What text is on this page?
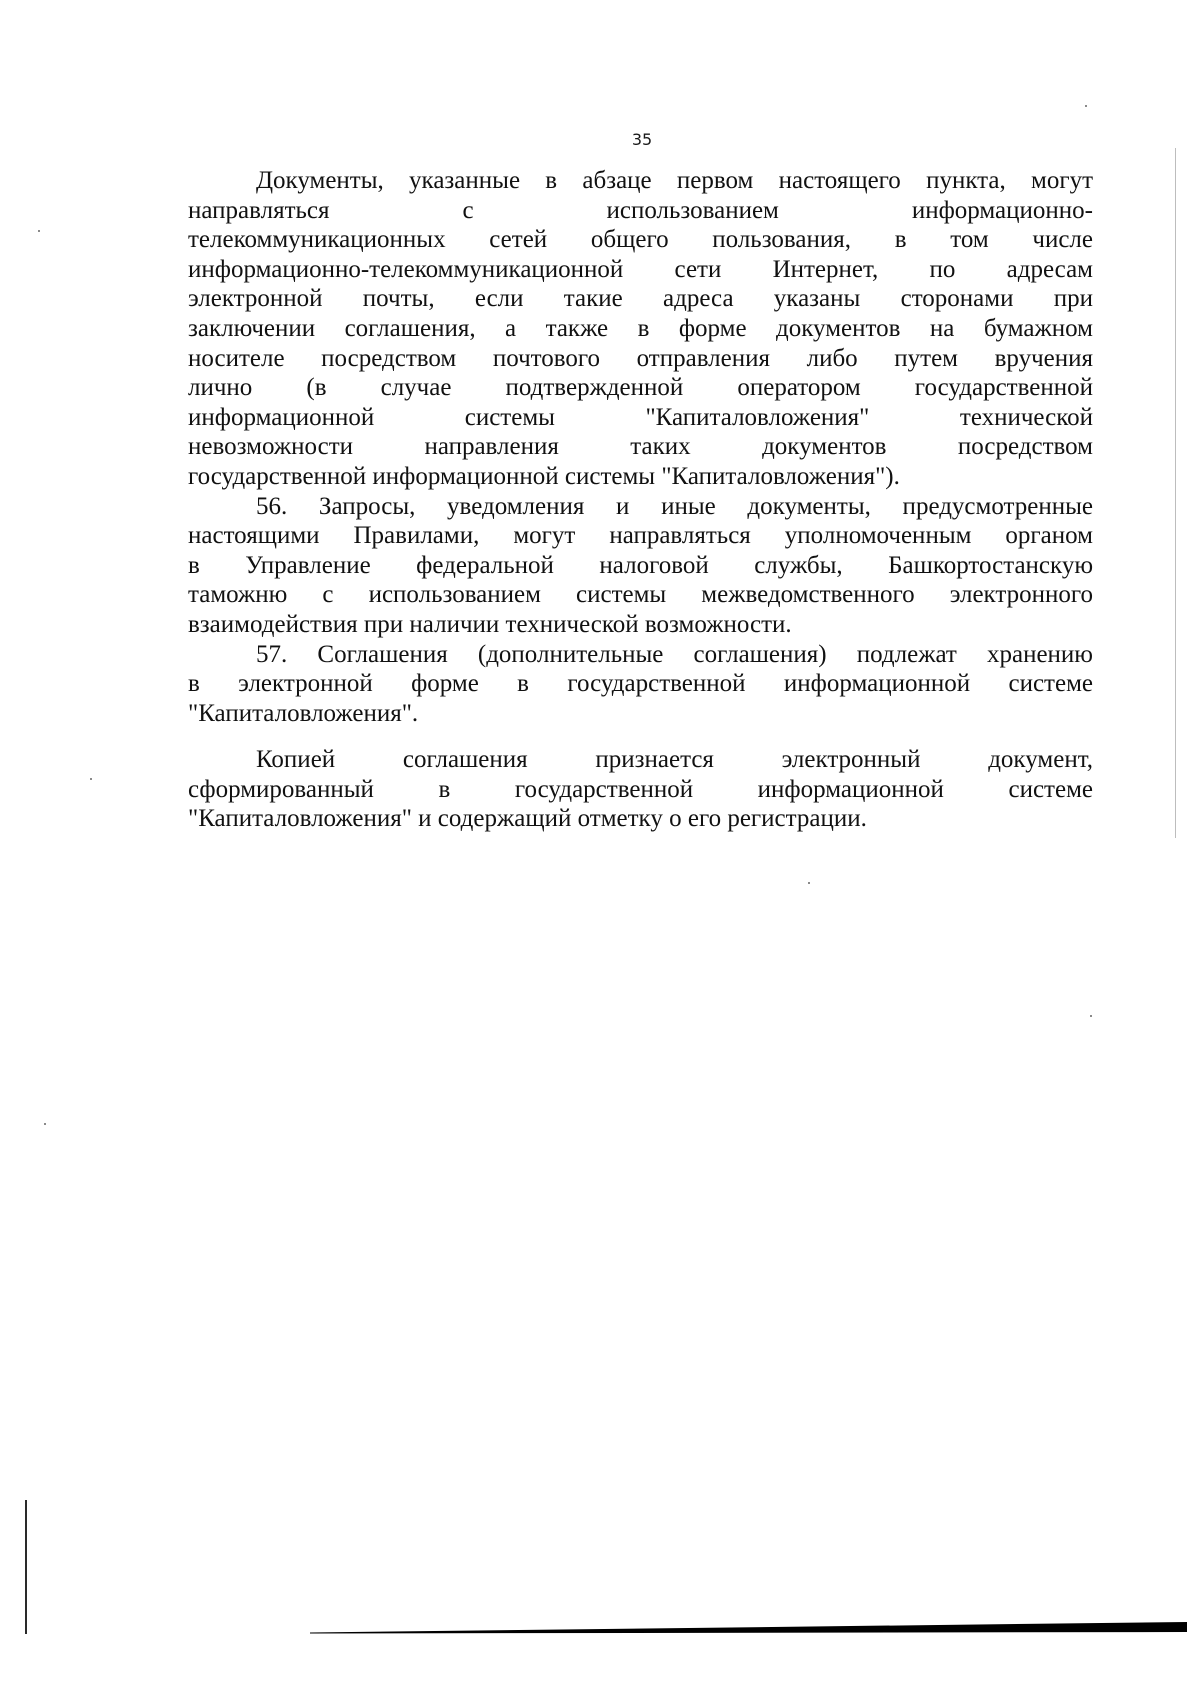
35
Документы, указанные в абзаце первом настоящего пункта, могут
направляться с использованием информационно-
телекоммуникационных сетей общего пользования, в том числе
информационно-телекоммуникационной сети Интернет, по адресам
электронной почты, если такие адреса указаны сторонами при
заключении соглашения, а также в форме документов на бумажном
носителе посредством почтового отправления либо путем вручения
лично (в случае подтвержденной оператором государственной
информационной системы "Капиталовложения" технической
невозможности направления таких документов посредством
государственной информационной системы "Капиталовложения").
56. Запросы, уведомления и иные документы, предусмотренные
настоящими Правилами, могут направляться уполномоченным органом
в Управление федеральной налоговой службы, Башкортостанскую
таможню с использованием системы межведомственного электронного
взаимодействия при наличии технической возможности.
57. Соглашения (дополнительные соглашения) подлежат хранению
в электронной форме в государственной информационной системе
"Капиталовложения".
Копией соглашения признается электронный документ,
сформированный в государственной информационной системе
"Капиталовложения" и содержащий отметку о его регистрации.
